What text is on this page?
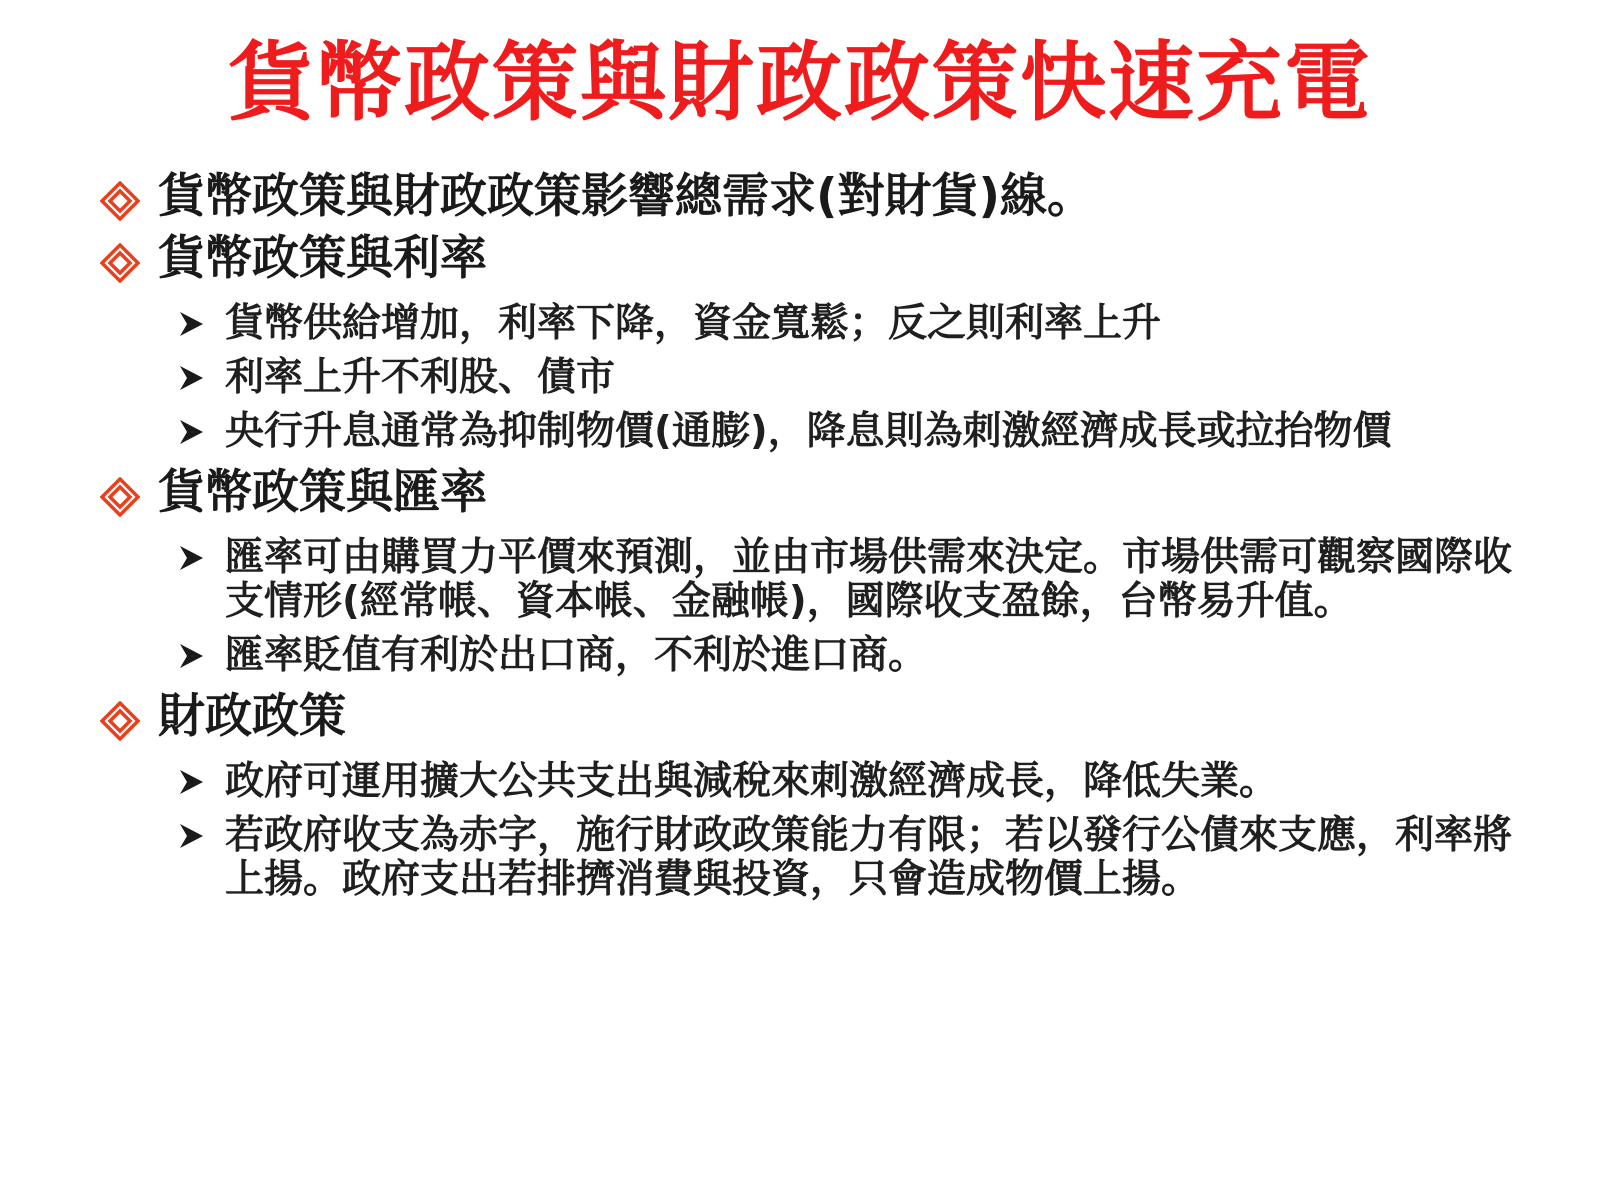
貨幣政策與財政政策快速充電
貨幣政策與財政政策影響總需求(對財貨)線。
貨幣政策與利率
貨幣供給增加，利率下降，資金寬鬆；反之則利率上升
利率上升不利股、債市
央行升息通常為抑制物價(通膨)，降息則為刺激經濟成長或拉抬物價
貨幣政策與匯率
匯率可由購買力平價來預測，並由市場供需來決定。市場供需可觀察國際收支情形(經常帳、資本帳、金融帳)，國際收支盈餘，台幣易升值。
匯率貶值有利於出口商，不利於進口商。
財政政策
政府可運用擴大公共支出與減稅來刺激經濟成長，降低失業。
若政府收支為赤字，施行財政政策能力有限；若以發行公債來支應，利率將上揚。政府支出若排擠消費與投資，只會造成物價上揚。
